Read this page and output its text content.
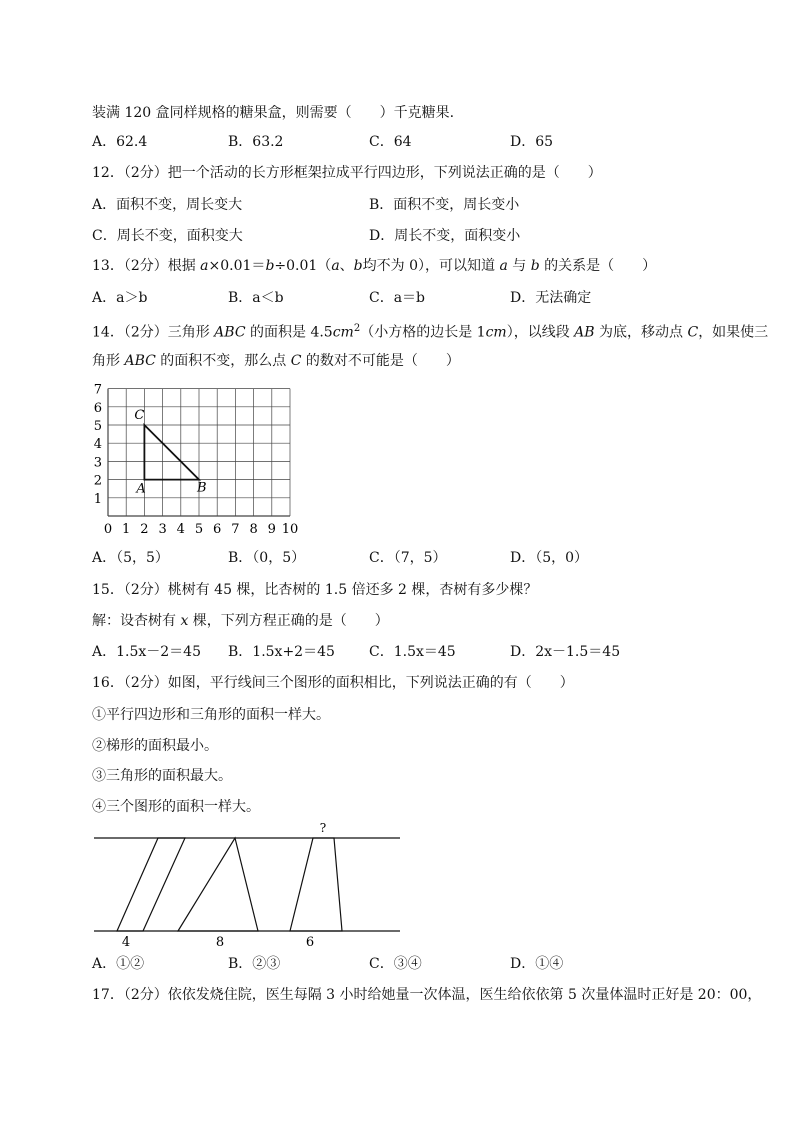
装满 120 盒同样规格的糖果盒，则需要（　　）千克糖果.
A．62.4	B．63.2	C．64	D．65
12．（2分）把一个活动的长方形框架拉成平行四边形，下列说法正确的是（　　）
A．面积不变，周长变大	B．面积不变，周长变小
C．周长不变，面积变大	D．周长不变，面积变小
13．（2分）根据 a×0.01＝b÷0.01（a、b均不为 0），可以知道 a 与 b 的关系是（　　）
A．a＞b	B．a＜b	C．a＝b	D．无法确定
14．（2分）三角形 ABC 的面积是 $4.5cm^2$（小方格的边长是 1cm），以线段 AB 为底，移动点 C，如果使三
角形 ABC 的面积不变，那么点 C 的数对不可能是（　　）
0 1 2 3 4 5 6 7 8 9 10
1
2
3
4
5
6
7
A	B
C
A．（5，5）	B．（0，5）	C．（7，5）	D．（5，0）
15．（2分）桃树有 45 棵，比杏树的 1.5 倍还多 2 棵，杏树有多少棵？
解：设杏树有 x 棵，下列方程正确的是（　　）
A．1.5x－2＝45 B．1.5x+2＝45 C．1.5x＝45	D．2x－1.5＝45
16．（2分）如图，平行线间三个图形的面积相比，下列说法正确的有（　　）
①平行四边形和三角形的面积一样大。
②梯形的面积最小。
③三角形的面积最大。
④三个图形的面积一样大。
?
4	8	6
A．①②	B．②③	C．③④	D．①④
17．（2分）依依发烧住院，医生每隔 3 小时给她量一次体温，医生给依依第 5 次量体温时正好是 20：00，
